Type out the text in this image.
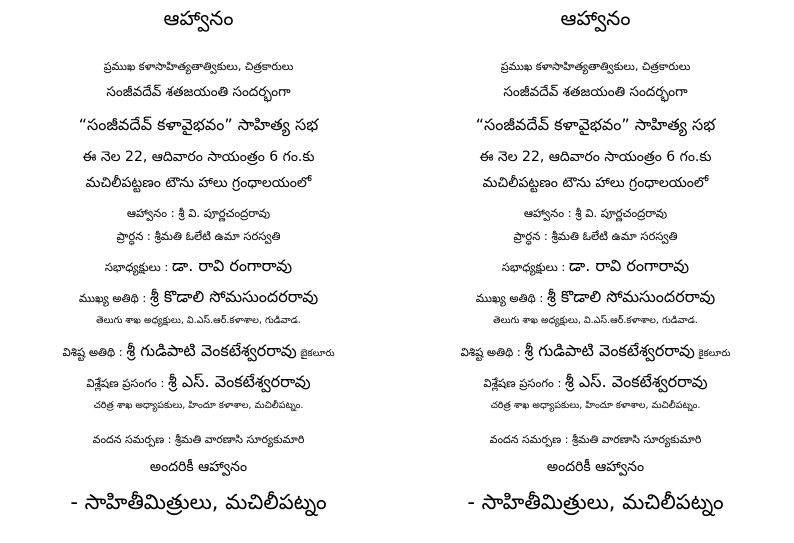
ఆహ్వానం
ప్రముఖ కళాసాహిత్యతాత్వికులు, చిత్రకారులు
సంజీవదేవ్ శతజయంతి సందర్భంగా
“సంజీవదేవ్ కళావైభవం” సాహిత్య సభ
ఈ నెల 22, ఆదివారం సాయంత్రం 6 గం.కు
మచిలీపట్టణం టౌను హాలు గ్రంధాలయంలో
ఆహ్వానం : శ్రీ వి. పూర్ణచంద్రరావు
ప్రార్ధన : శ్రీమతి ఓలేటి ఉమా సరస్వతి
సభాధ్యక్షులు : డా. రావి రంగారావు
ముఖ్య అతిథి : శ్రీ కొడాలి సోమసుందరరావు
తెలుగు శాఖ అధ్యక్షులు, వి.ఎస్.ఆర్.కళాశాల, గుడివాడ.
విశిష్ట అతిథి : శ్రీ గుడిపాటి వెంకటేశ్వరరావు బైకలూరు
విశ్లేషణ ప్రసంగం : శ్రీ ఎస్. వెంకటేశ్వరరావు
చరిత్ర శాఖ అధ్యాపకులు, హిందూ కళాశాల, మచిలీపట్నం.
వందన సమర్పణ : శ్రీమతి వారణాసి సూర్యకుమారి
అందరికీ ఆహ్వానం
- సాహితీమిత్రులు, మచిలీపట్నం
ఆహ్వానం
ప్రముఖ కళాసాహిత్యతాత్వికులు, చిత్రకారులు
సంజీవదేవ్ శతజయంతి సందర్భంగా
“సంజీవదేవ్ కళావైభవం” సాహిత్య సభ
ఈ నెల 22, ఆదివారం సాయంత్రం 6 గం.కు
మచిలీపట్టణం టౌను హాలు గ్రంధాలయంలో
ఆహ్వానం : శ్రీ వి. పూర్ణచంద్రరావు
ప్రార్ధన : శ్రీమతి ఓలేటి ఉమా సరస్వతి
సభాధ్యక్షులు : డా. రావి రంగారావు
ముఖ్య అతిథి : శ్రీ కొడాలి సోమసుందరరావు
తెలుగు శాఖ అధ్యక్షులు, వి.ఎస్.ఆర్.కళాశాల, గుడివాడ.
విశిష్ట అతిథి : శ్రీ గుడిపాటి వెంకటేశ్వరరావు కైకలూరు
విశ్లేషణ ప్రసంగం : శ్రీ ఎస్. వెంకటేశ్వరరావు
చరిత్ర శాఖ అధ్యాపకులు, హిందూ కళాశాల, మచిలీపట్నం.
వందన సమర్పణ : శ్రీమతి వారణాసి సూర్యకుమారి
అందరికీ ఆహ్వానం
- సాహితీమిత్రులు, మచిలీపట్నం
